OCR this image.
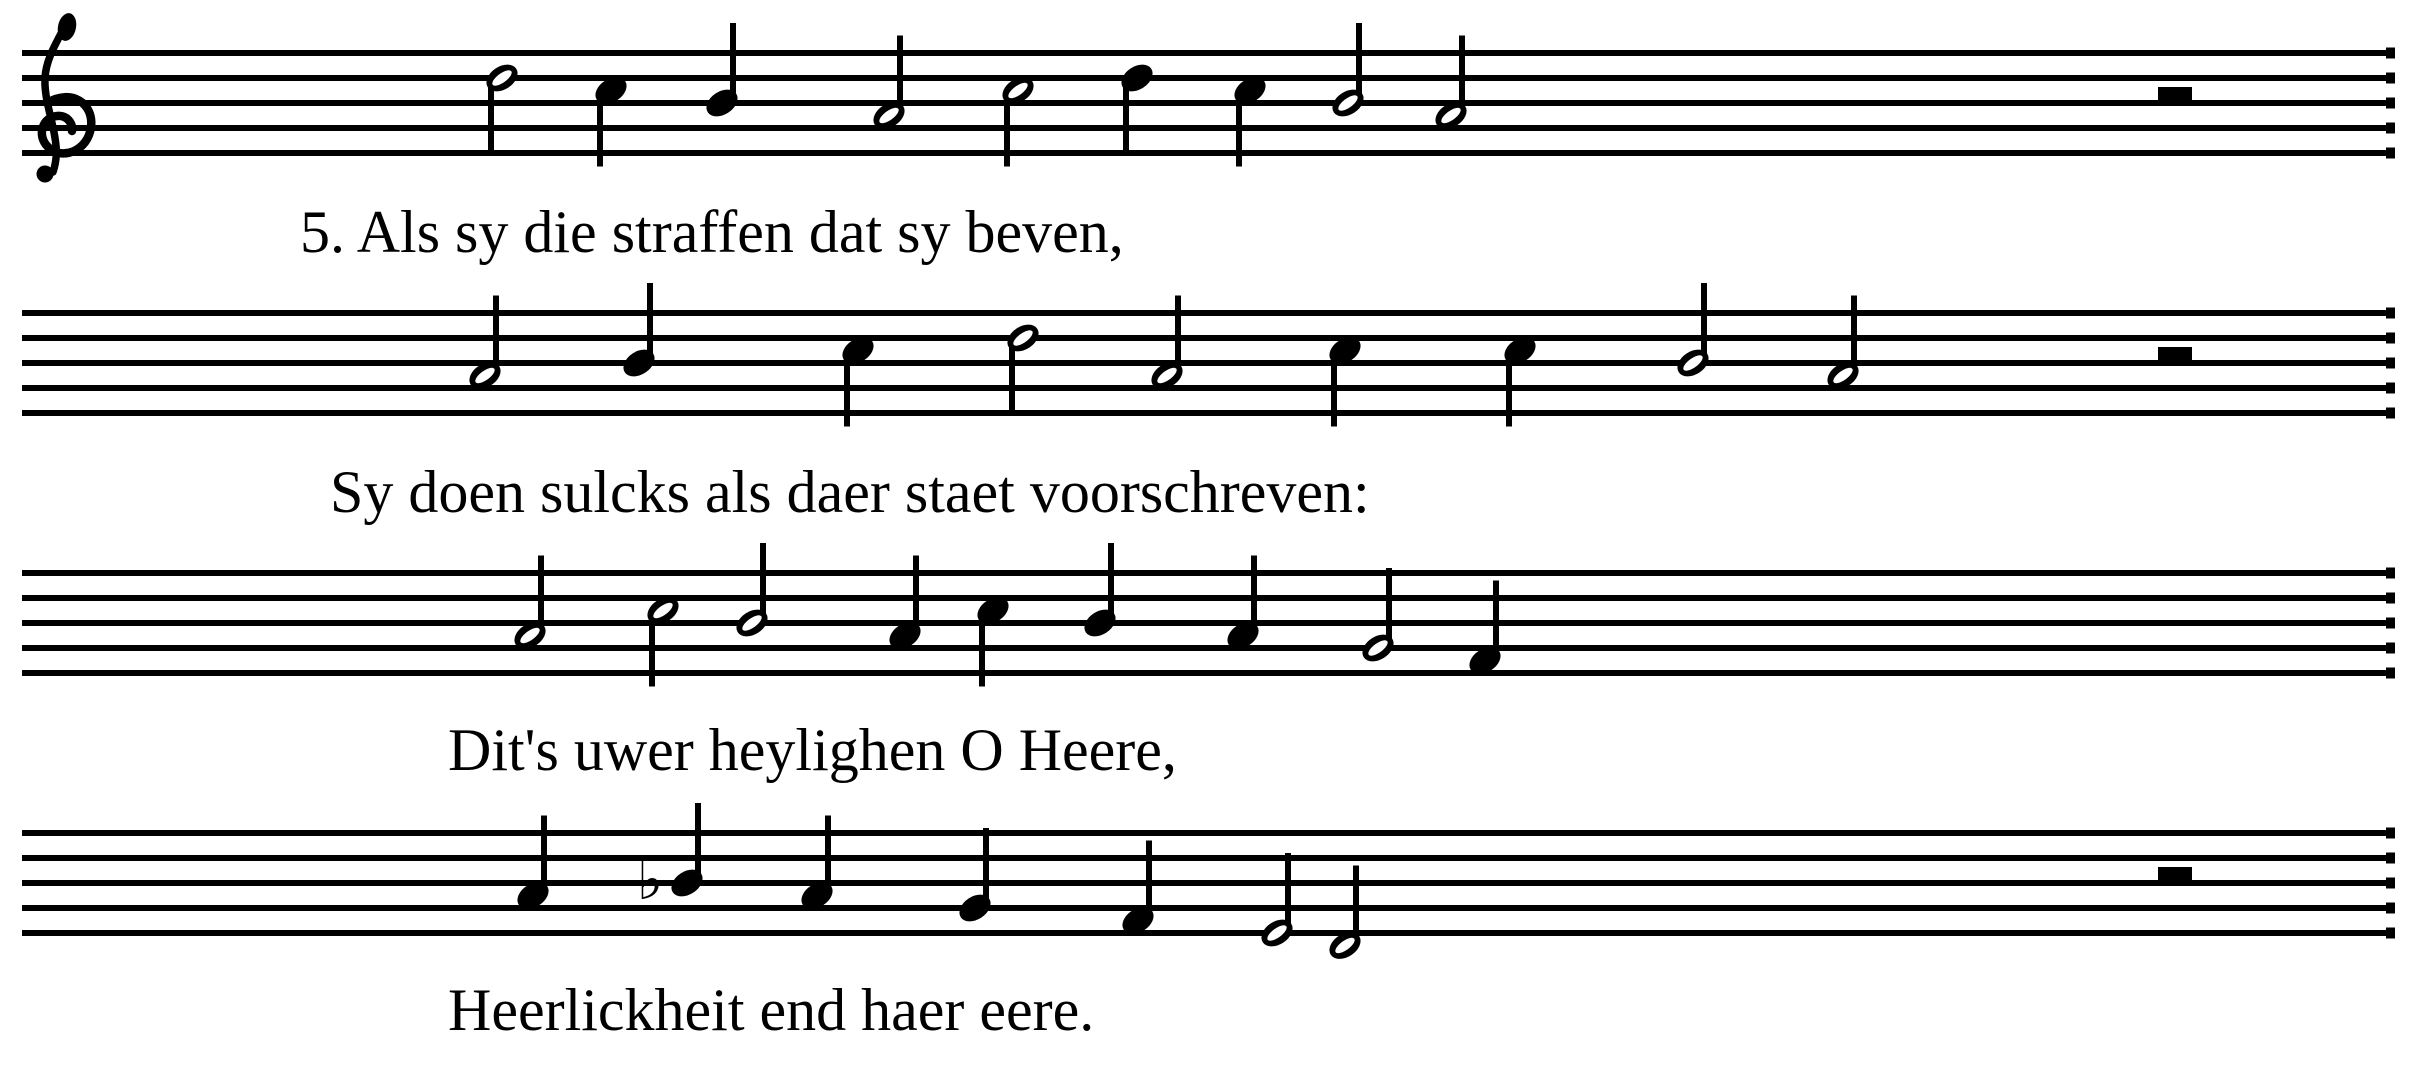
♭
5. Als sy die straffen dat sy beven,
Sy doen sulcks als daer staet voorschreven:
Dit's uwer heylighen O Heere,
Heerlickheit end haer eere.
